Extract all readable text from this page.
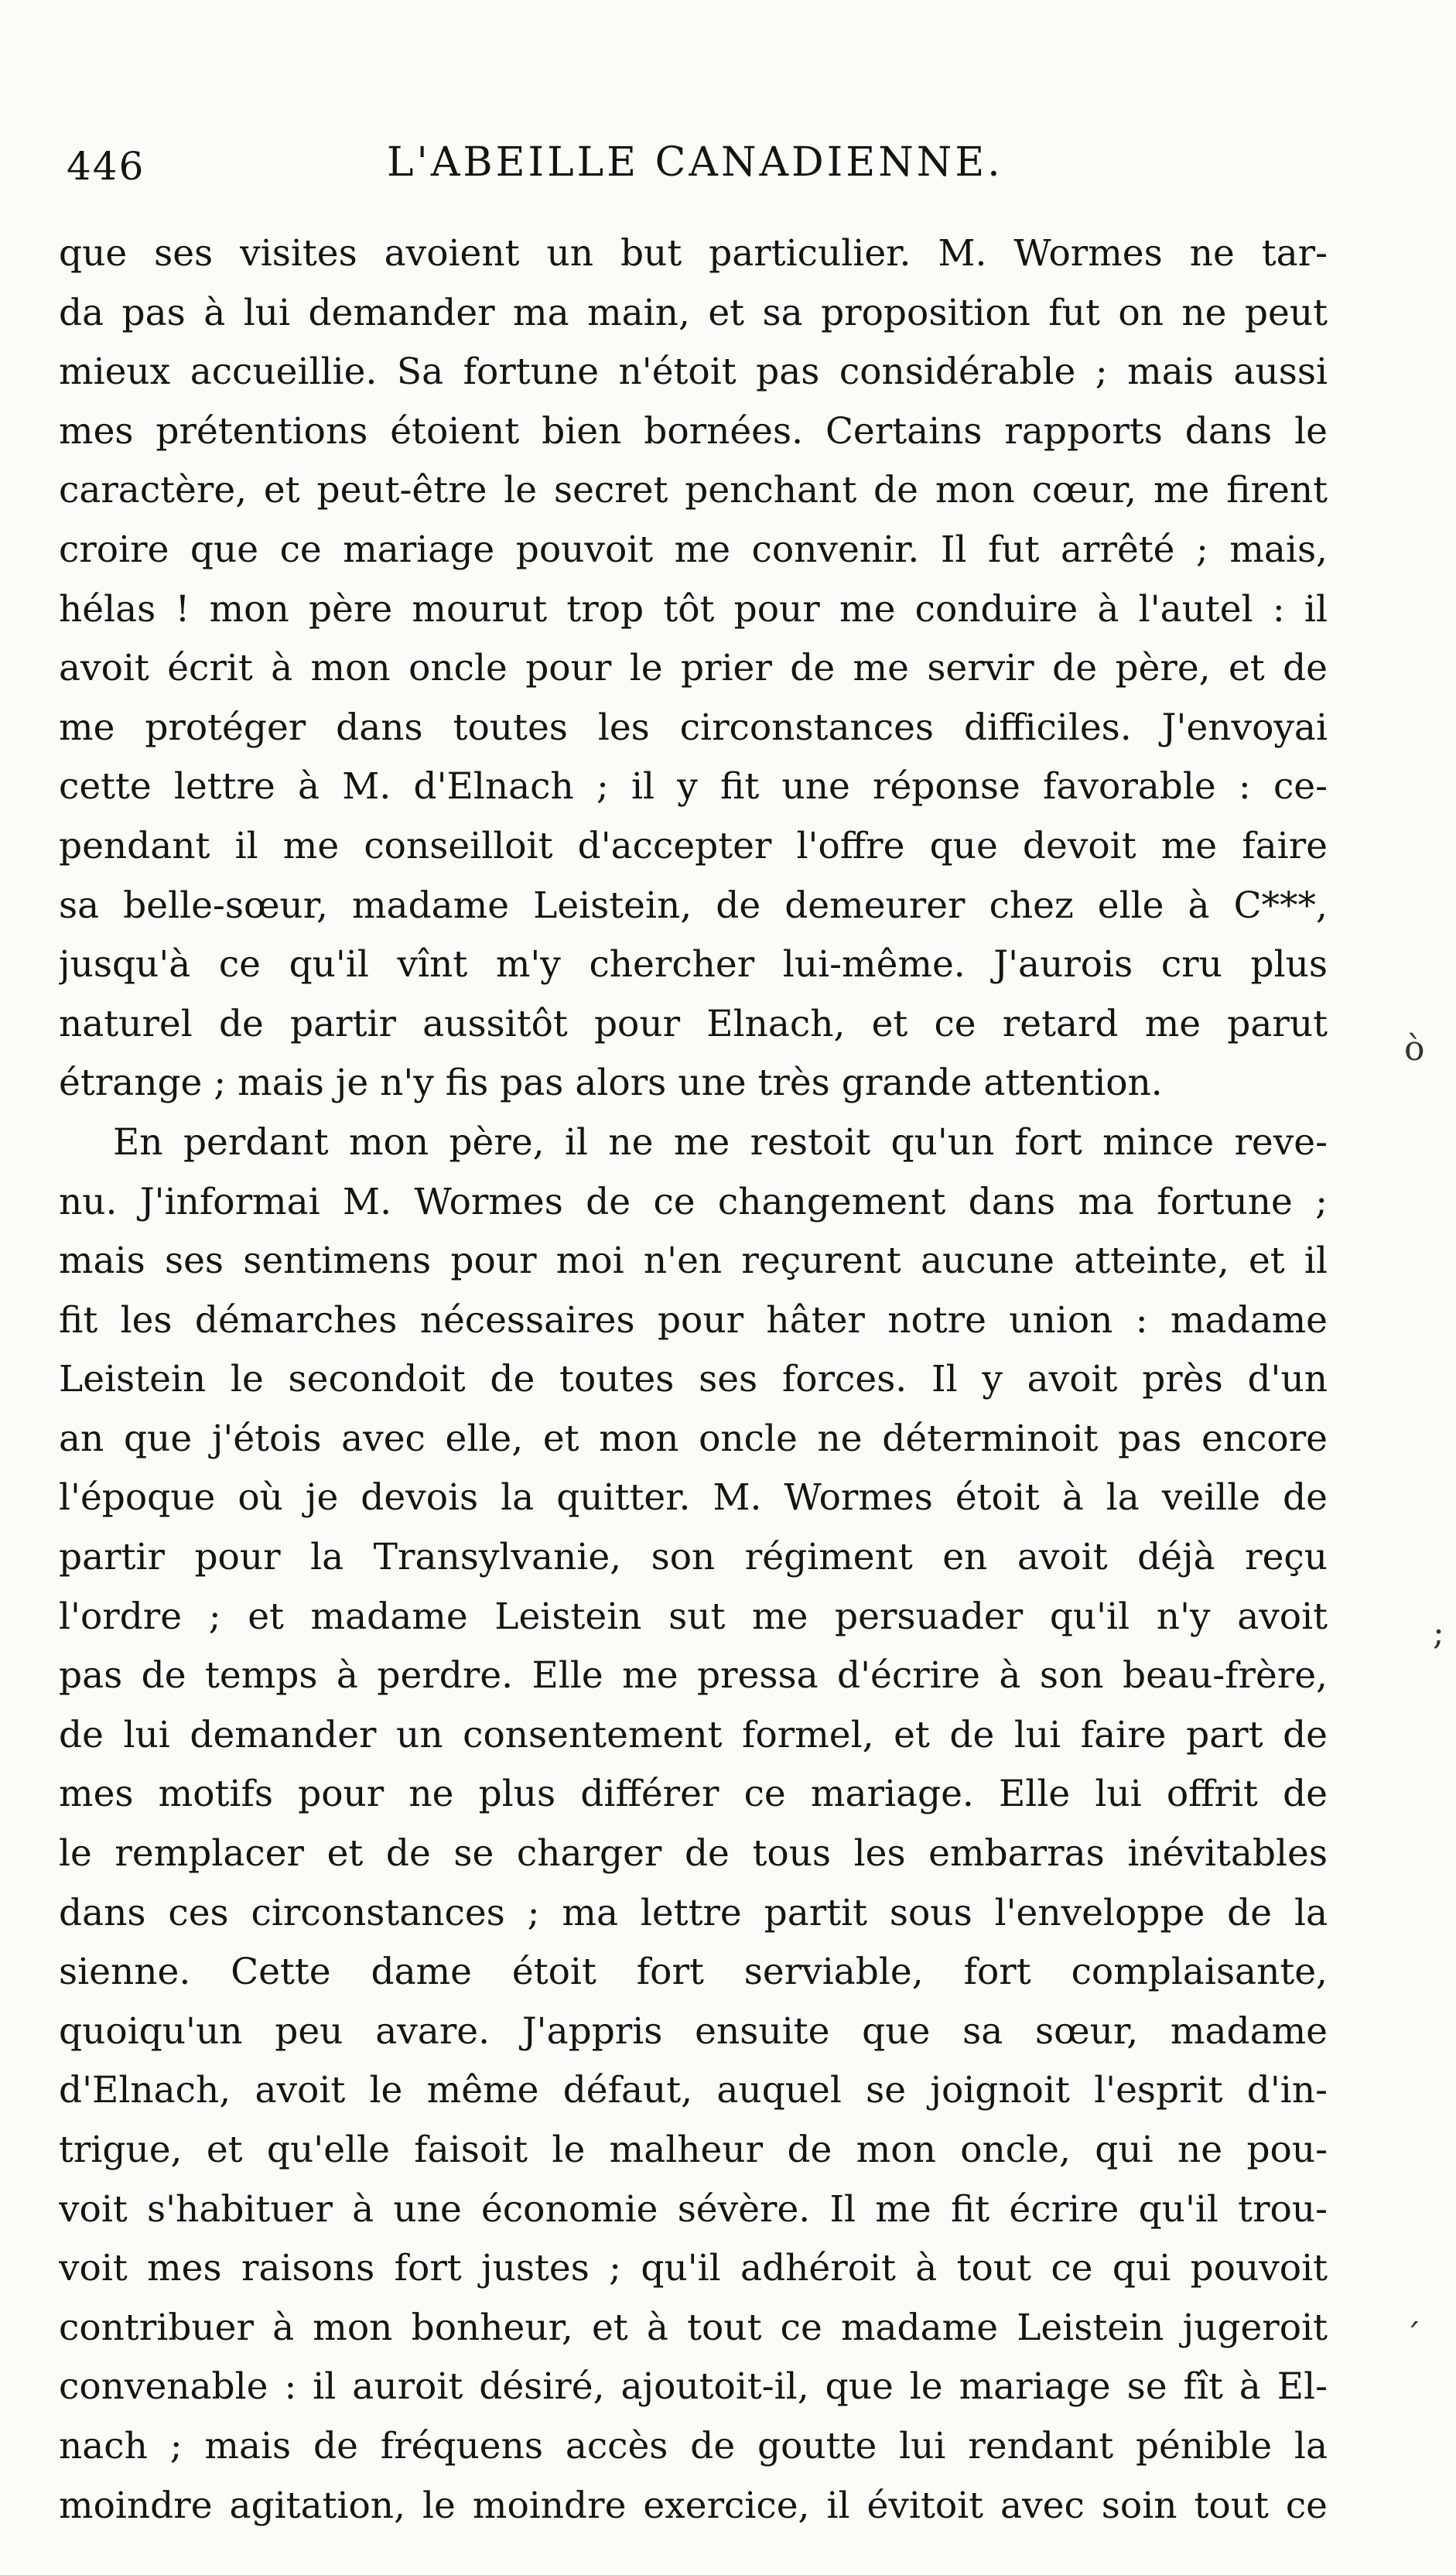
446	L'ABEILLE CANADIENNE.
que ses visites avoient un but particulier. M. Wormes ne tar-
da pas à lui demander ma main, et sa proposition fut on ne peut
mieux accueillie. Sa fortune n'étoit pas considérable ; mais aussi
mes prétentions étoient bien bornées. Certains rapports dans le
caractère, et peut-être le secret penchant de mon cœur, me firent
croire que ce mariage pouvoit me convenir. Il fut arrêté ; mais,
hélas ! mon père mourut trop tôt pour me conduire à l'autel : il
avoit écrit à mon oncle pour le prier de me servir de père, et de
me protéger dans toutes les circonstances difficiles. J'envoyai
cette lettre à M. d'Elnach ; il y fit une réponse favorable : ce-
pendant il me conseilloit d'accepter l'offre que devoit me faire
sa belle-sœur, madame Leistein, de demeurer chez elle à C***,
jusqu'à ce qu'il vînt m'y chercher lui-même. J'aurois cru plus
naturel de partir aussitôt pour Elnach, et ce retard me parut
étrange ; mais je n'y fis pas alors une très grande attention.
En perdant mon père, il ne me restoit qu'un fort mince reve-
nu. J'informai M. Wormes de ce changement dans ma fortune ;
mais ses sentimens pour moi n'en reçurent aucune atteinte, et il
fit les démarches nécessaires pour hâter notre union : madame
Leistein le secondoit de toutes ses forces. Il y avoit près d'un
an que j'étois avec elle, et mon oncle ne déterminoit pas encore
l'époque où je devois la quitter. M. Wormes étoit à la veille de
partir pour la Transylvanie, son régiment en avoit déjà reçu
l'ordre ; et madame Leistein sut me persuader qu'il n'y avoit
pas de temps à perdre. Elle me pressa d'écrire à son beau-frère,
de lui demander un consentement formel, et de lui faire part de
mes motifs pour ne plus différer ce mariage. Elle lui offrit de
le remplacer et de se charger de tous les embarras inévitables
dans ces circonstances ; ma lettre partit sous l'enveloppe de la
sienne. Cette dame étoit fort serviable, fort complaisante,
quoiqu'un peu avare. J'appris ensuite que sa sœur, madame
d'Elnach, avoit le même défaut, auquel se joignoit l'esprit d'in-
trigue, et qu'elle faisoit le malheur de mon oncle, qui ne pou-
voit s'habituer à une économie sévère. Il me fit écrire qu'il trou-
voit mes raisons fort justes ; qu'il adhéroit à tout ce qui pouvoit
contribuer à mon bonheur, et à tout ce madame Leistein jugeroit
convenable : il auroit désiré, ajoutoit-il, que le mariage se fît à El-
nach ; mais de fréquens accès de goutte lui rendant pénible la
moindre agitation, le moindre exercice, il évitoit avec soin tout ce
ὸ
;
ˊ
